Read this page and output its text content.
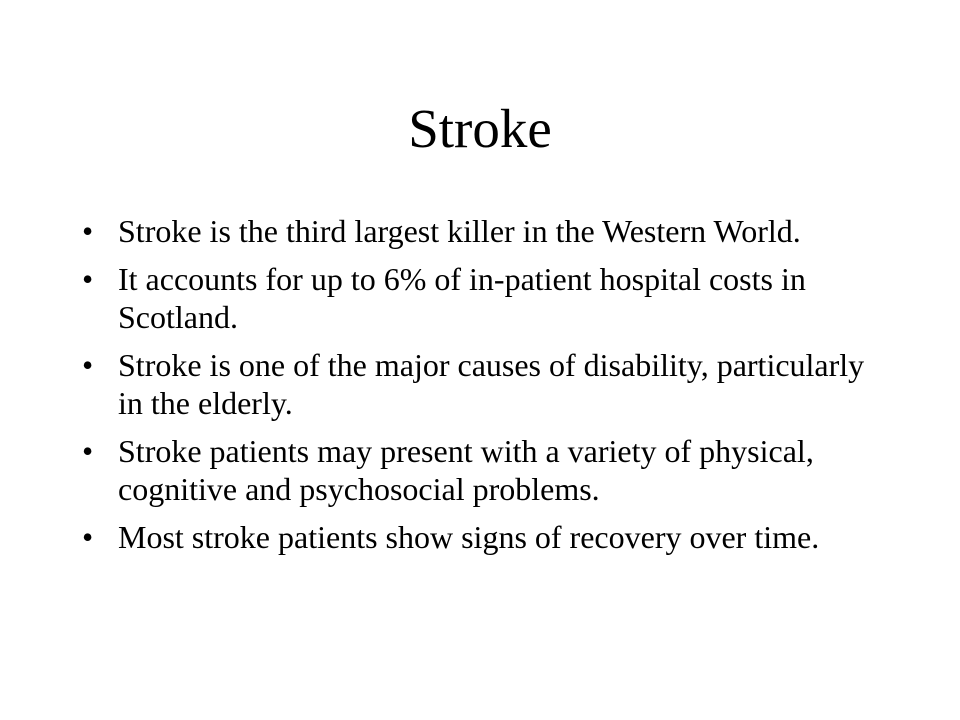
Stroke
• Stroke is the third largest killer in the Western World.
• It accounts for up to 6% of in-patient hospital costs in Scotland.
• Stroke is one of the major causes of disability, particularly in the elderly.
• Stroke patients may present with a variety of physical, cognitive and psychosocial problems.
• Most stroke patients show signs of recovery over time.
